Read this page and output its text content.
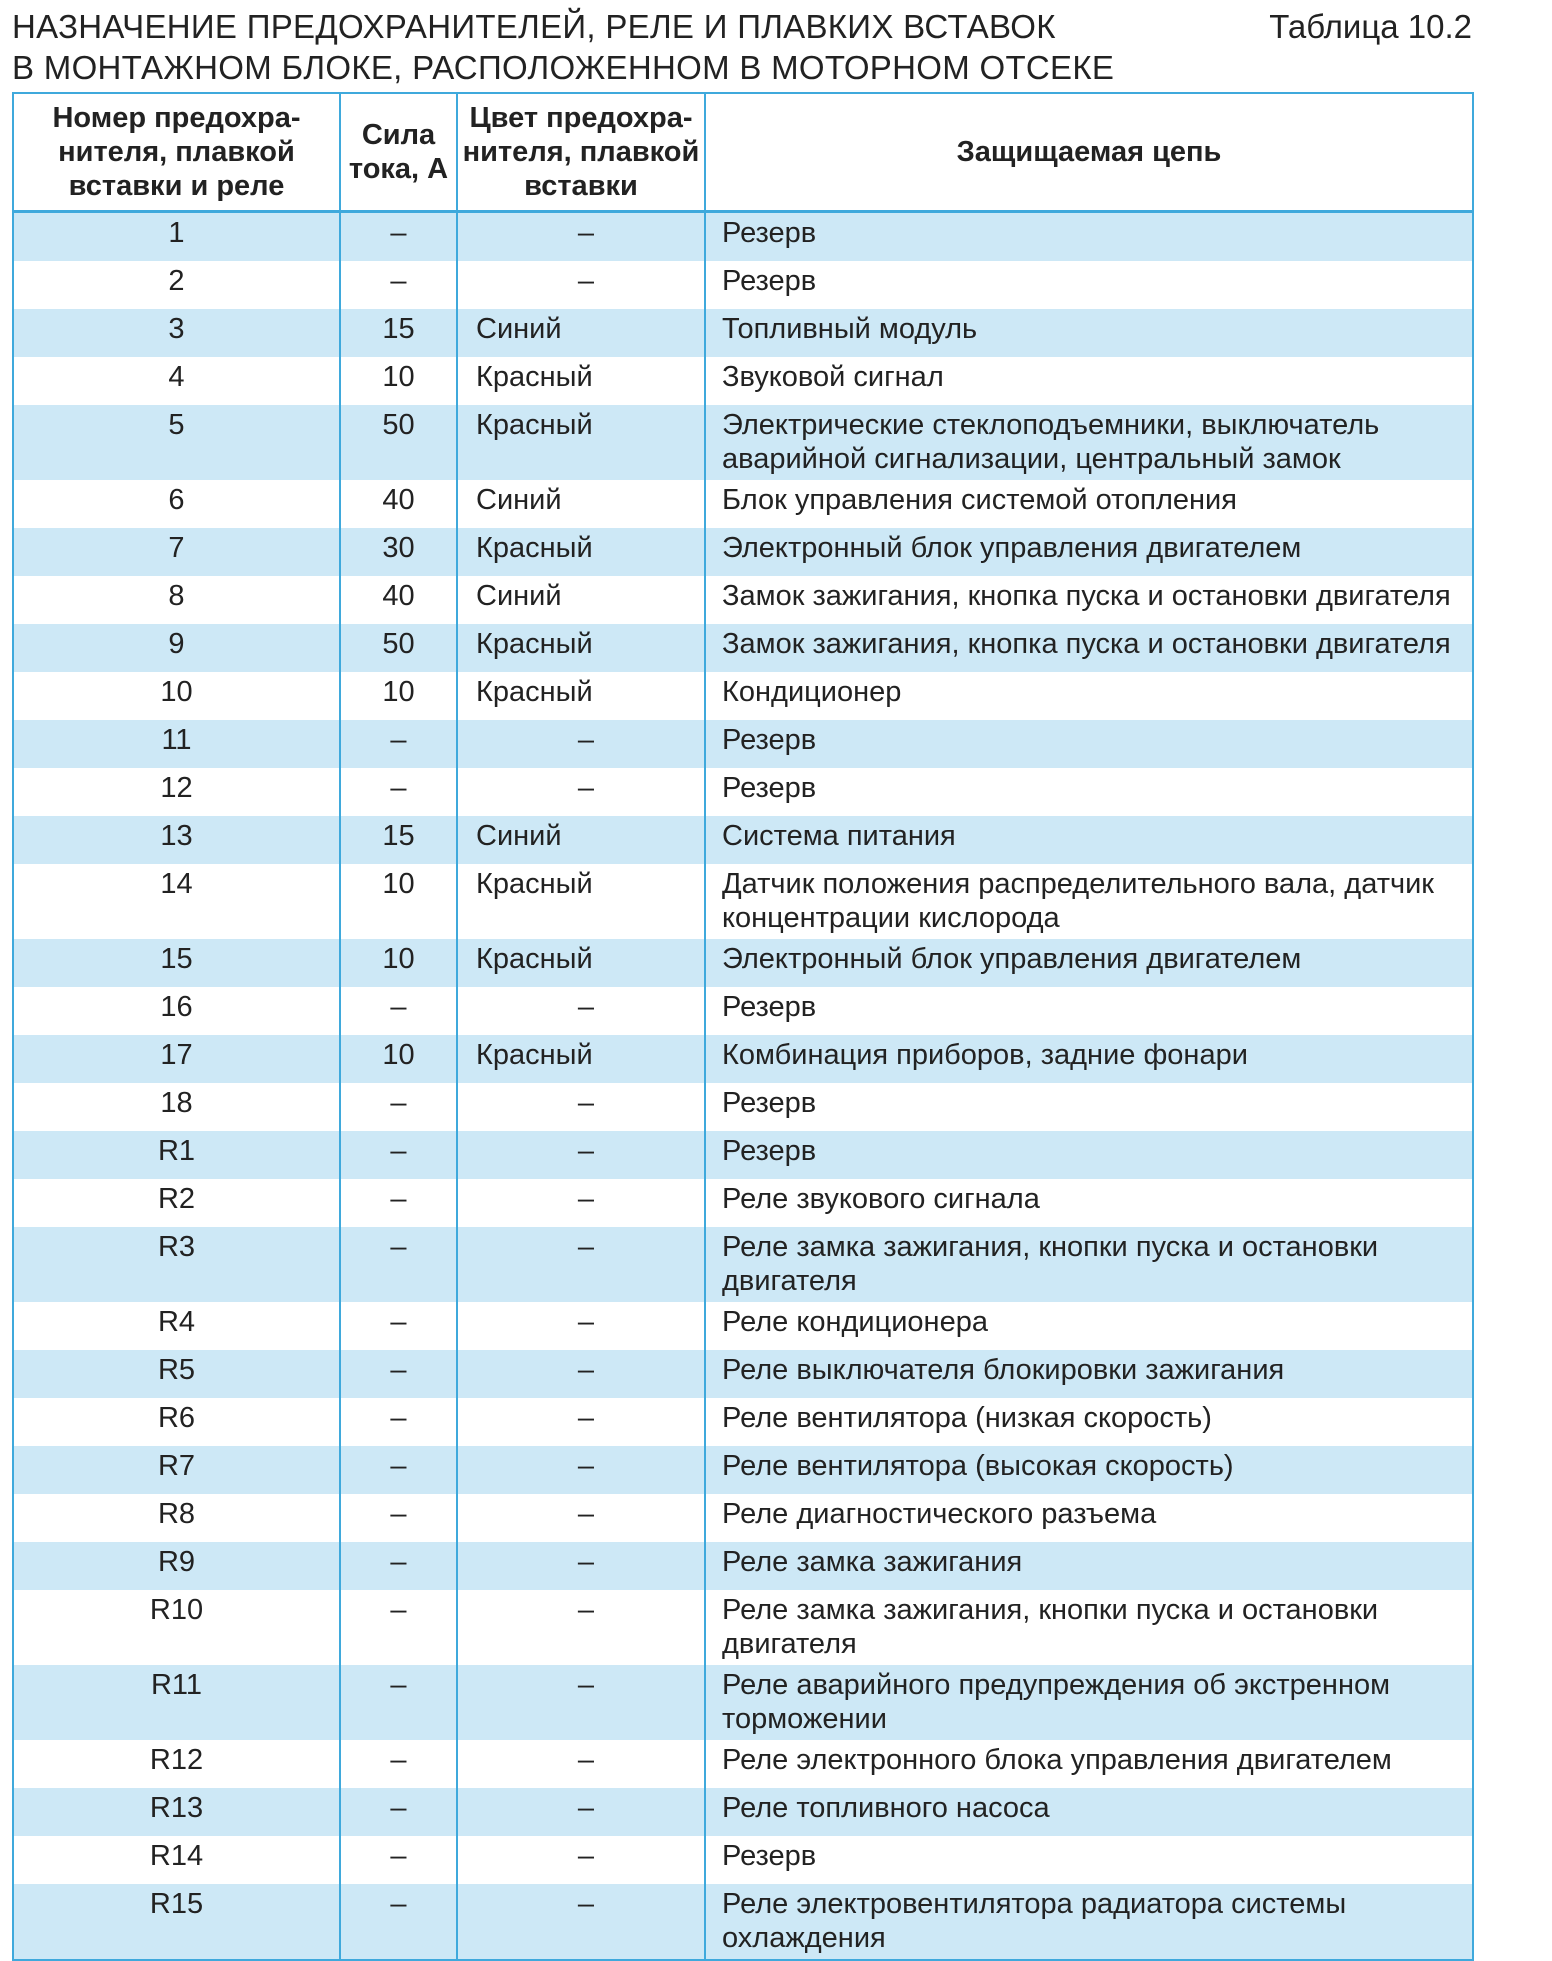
НАЗНАЧЕНИЕ ПРЕДОХРАНИТЕЛЕЙ, РЕЛЕ И ПЛАВКИХ ВСТАВОК
В МОНТАЖНОМ БЛОКЕ, РАСПОЛОЖЕННОМ В МОТОРНОМ ОТСЕКЕ
Таблица 10.2
Номер предохра-нителя, плавкой вставки и реле	Сила тока, А	Цвет предохра-нителя, плавкой вставки	Защищаемая цепь
1	–	–	Резерв
2	–	–	Резерв
3	15	Синий	Топливный модуль
4	10	Красный	Звуковой сигнал
5	50	Красный	Электрические стеклоподъемники, выключатель аварийной сигнализации, центральный замок
6	40	Синий	Блок управления системой отопления
7	30	Красный	Электронный блок управления двигателем
8	40	Синий	Замок зажигания, кнопка пуска и остановки двигателя
9	50	Красный	Замок зажигания, кнопка пуска и остановки двигателя
10	10	Красный	Кондиционер
11	–	–	Резерв
12	–	–	Резерв
13	15	Синий	Система питания
14	10	Красный	Датчик положения распределительного вала, датчик концентрации кислорода
15	10	Красный	Электронный блок управления двигателем
16	–	–	Резерв
17	10	Красный	Комбинация приборов, задние фонари
18	–	–	Резерв
R1	–	–	Резерв
R2	–	–	Реле звукового сигнала
R3	–	–	Реле замка зажигания, кнопки пуска и остановки двигателя
R4	–	–	Реле кондиционера
R5	–	–	Реле выключателя блокировки зажигания
R6	–	–	Реле вентилятора (низкая скорость)
R7	–	–	Реле вентилятора (высокая скорость)
R8	–	–	Реле диагностического разъема
R9	–	–	Реле замка зажигания
R10	–	–	Реле замка зажигания, кнопки пуска и остановки двигателя
R11	–	–	Реле аварийного предупреждения об экстренном торможении
R12	–	–	Реле электронного блока управления двигателем
R13	–	–	Реле топливного насоса
R14	–	–	Резерв
R15	–	–	Реле электровентилятора радиатора системы охлаждения
